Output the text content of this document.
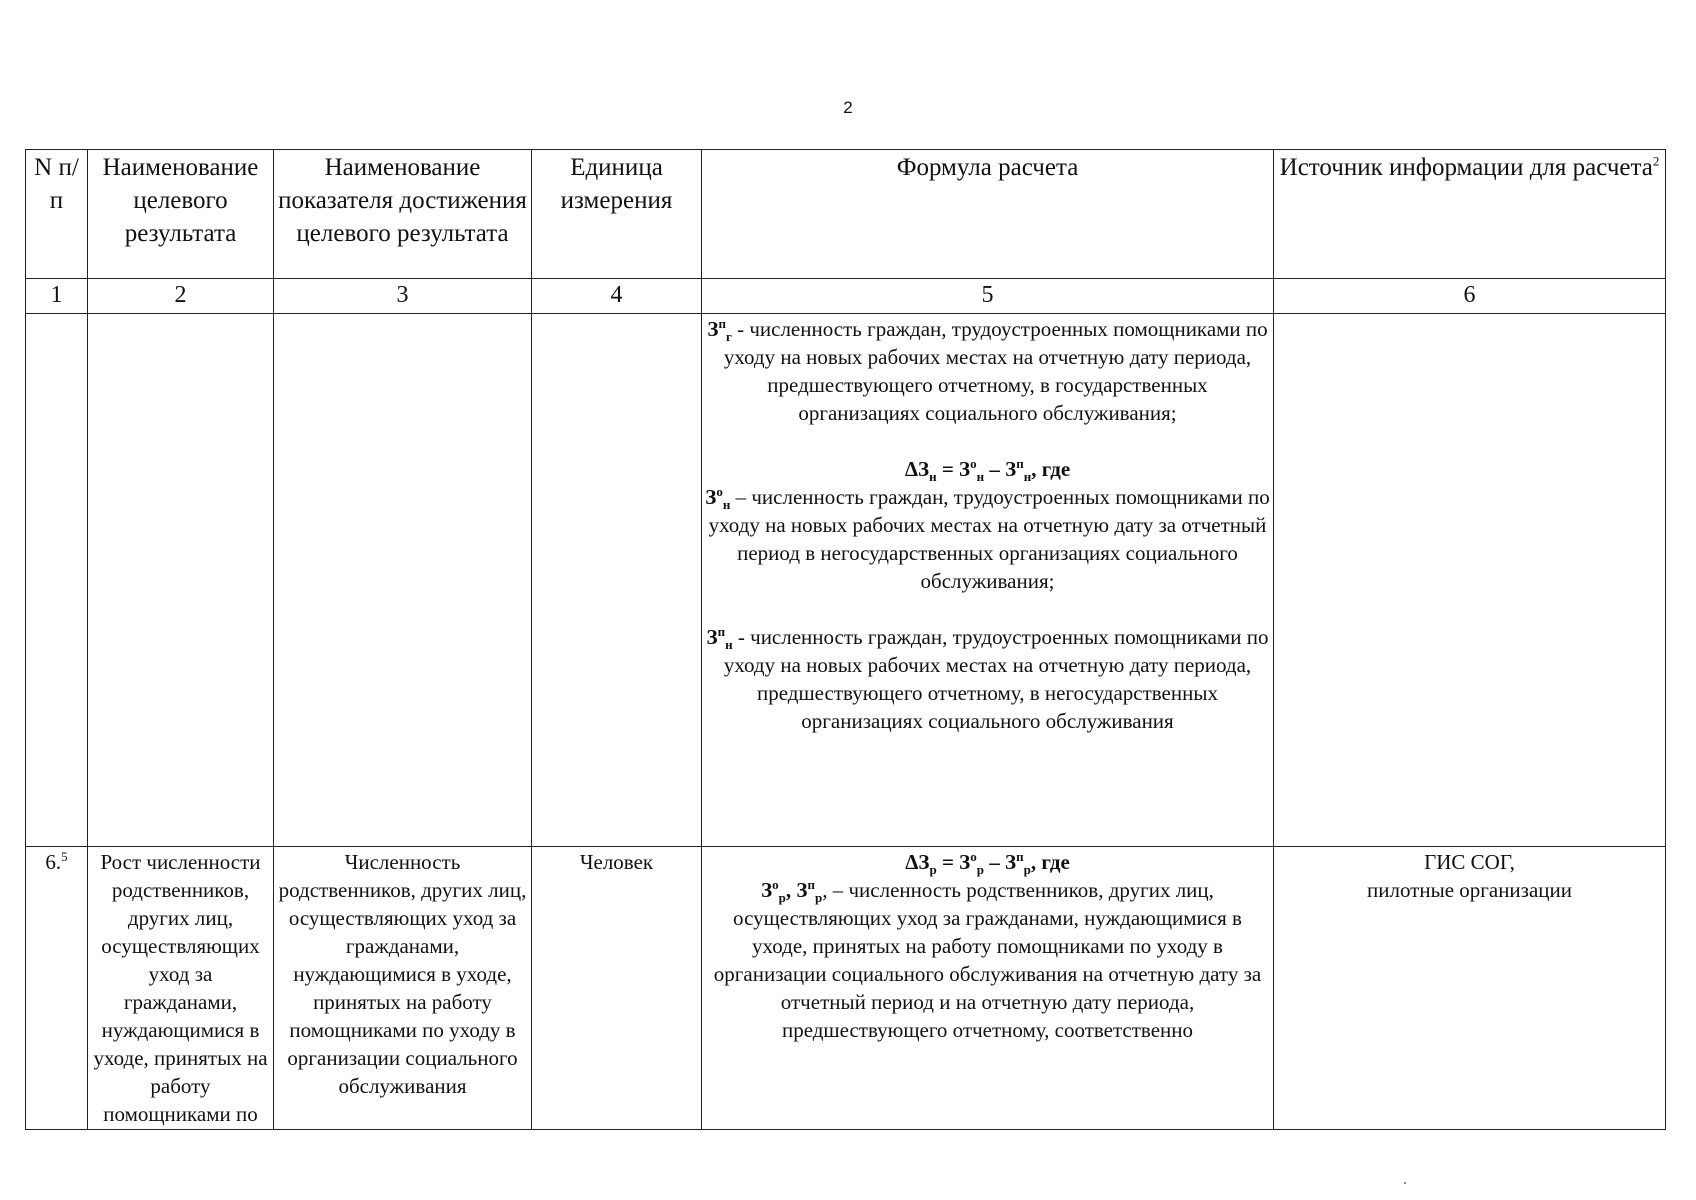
2
N п/п	Наименование целевого результата	Наименование показателя достижения целевого результата	Единица измерения	Формула расчета	Источник информации для расчета$^2$
1	2	3	4	5	6

				$З^п_г$ - численность граждан, трудоустроенных помощниками по уходу на новых рабочих местах на отчетную дату периода, предшествующего отчетному, в государственных организациях социального обслуживания;
$\Delta З_н = З^о_н - З^п_н$, где
$З^о_н$ – численность граждан, трудоустроенных помощниками по уходу на новых рабочих местах на отчетную дату за отчетный период в негосударственных организациях социального обслуживания;
$З^п_н$ - численность граждан, трудоустроенных помощниками по уходу на новых рабочих местах на отчетную дату периода, предшествующего отчетному, в негосударственных организациях социального обслуживания	

6.$^5$	Рост численности родственников, других лиц, осуществляющих уход за гражданами, нуждающимися в уходе, принятых на работу помощниками по	Численность родственников, других лиц, осуществляющих уход за гражданами, нуждающимися в уходе, принятых на работу помощниками по уходу в организации социального обслуживания	Человек	$\Delta З_р = З^о_р - З^п_р$, где
$З^о_р$, $З^п_р$, – численность родственников, других лиц, осуществляющих уход за гражданами, нуждающимися в уходе, принятых на работу помощниками по уходу в организации социального обслуживания на отчетную дату за отчетный период и на отчетную дату периода, предшествующего отчетному, соответственно	ГИС СОГ,
пилотные организации
